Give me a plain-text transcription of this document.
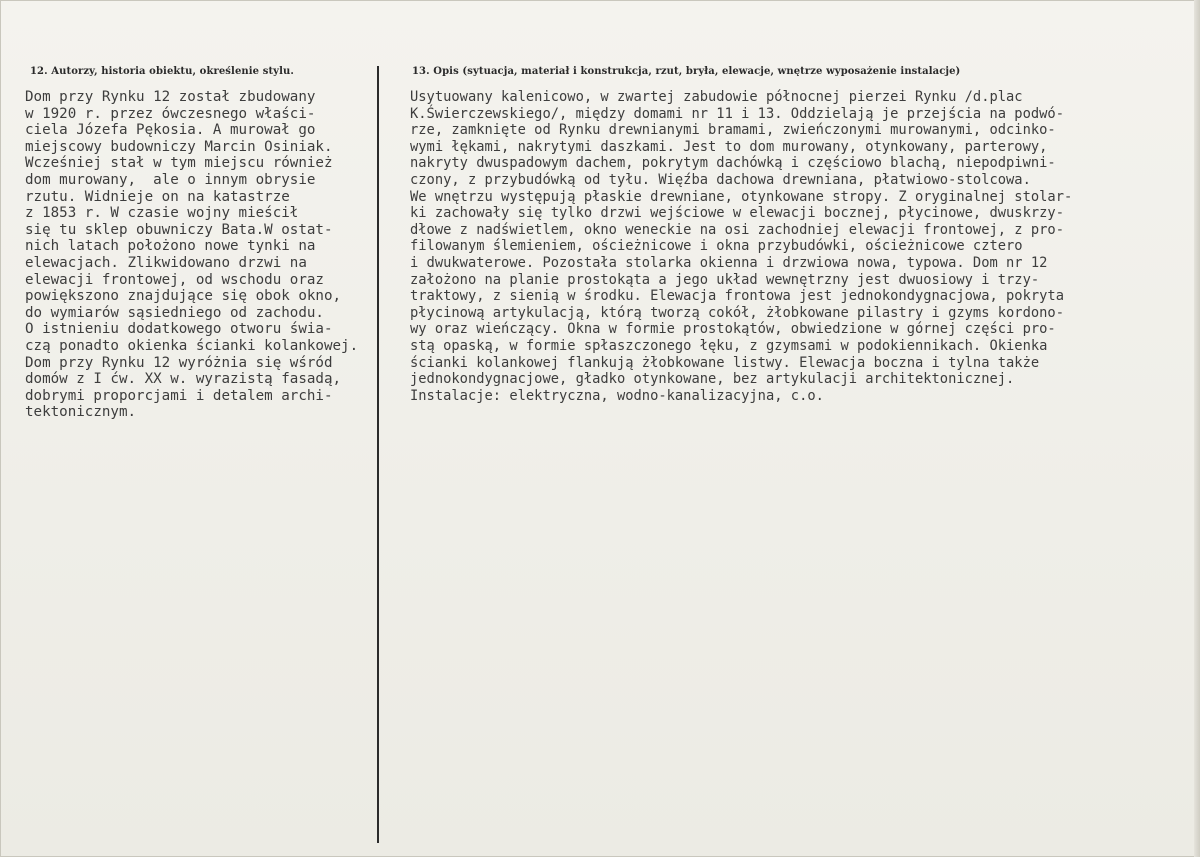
12. Autorzy, historia obiektu, określenie stylu.	13. Opis (sytuacja, materiał i konstrukcja, rzut, bryła, elewacje, wnętrze wyposażenie instalacje)
Dom przy Rynku 12 został zbudowany
w 1920 r. przez ówczesnego właści-
ciela Józefa Pękosia. A murował go
miejscowy budowniczy Marcin Osiniak.
Wcześniej stał w tym miejscu również
dom murowany,  ale o innym obrysie
rzutu. Widnieje on na katastrze
z 1853 r. W czasie wojny mieścił
się tu sklep obuwniczy Bata.W ostat-
nich latach położono nowe tynki na
elewacjach. Zlikwidowano drzwi na
elewacji frontowej, od wschodu oraz
powiększono znajdujące się obok okno,
do wymiarów sąsiedniego od zachodu.
O istnieniu dodatkowego otworu świa-
czą ponadto okienka ścianki kolankowej.
Dom przy Rynku 12 wyróżnia się wśród
domów z I ćw. XX w. wyrazistą fasadą,
dobrymi proporcjami i detalem archi-
tektonicznym.
Usytuowany kalenicowo, w zwartej zabudowie północnej pierzei Rynku /d.plac
K.Świerczewskiego/, między domami nr 11 i 13. Oddzielają je przejścia na podwó-
rze, zamknięte od Rynku drewnianymi bramami, zwieńczonymi murowanymi, odcinko-
wymi łękami, nakrytymi daszkami. Jest to dom murowany, otynkowany, parterowy,
nakryty dwuspadowym dachem, pokrytym dachówką i częściowo blachą, niepodpiwni-
czony, z przybudówką od tyłu. Więźba dachowa drewniana, płatwiowo-stolcowa.
We wnętrzu występują płaskie drewniane, otynkowane stropy. Z oryginalnej stolar-
ki zachowały się tylko drzwi wejściowe w elewacji bocznej, płycinowe, dwuskrzy-
dłowe z nadświetlem, okno weneckie na osi zachodniej elewacji frontowej, z pro-
filowanym ślemieniem, ościeżnicowe i okna przybudówki, ościeżnicowe cztero
i dwukwaterowe. Pozostała stolarka okienna i drzwiowa nowa, typowa. Dom nr 12
założono na planie prostokąta a jego układ wewnętrzny jest dwuosiowy i trzy-
traktowy, z sienią w środku. Elewacja frontowa jest jednokondygnacjowa, pokryta
płycinową artykulacją, którą tworzą cokół, żłobkowane pilastry i gzyms kordono-
wy oraz wieńczący. Okna w formie prostokątów, obwiedzione w górnej części pro-
stą opaską, w formie spłaszczonego łęku, z gzymsami w podokiennikach. Okienka
ścianki kolankowej flankują żłobkowane listwy. Elewacja boczna i tylna także
jednokondygnacjowe, gładko otynkowane, bez artykulacji architektonicznej.
Instalacje: elektryczna, wodno-kanalizacyjna, c.o.
